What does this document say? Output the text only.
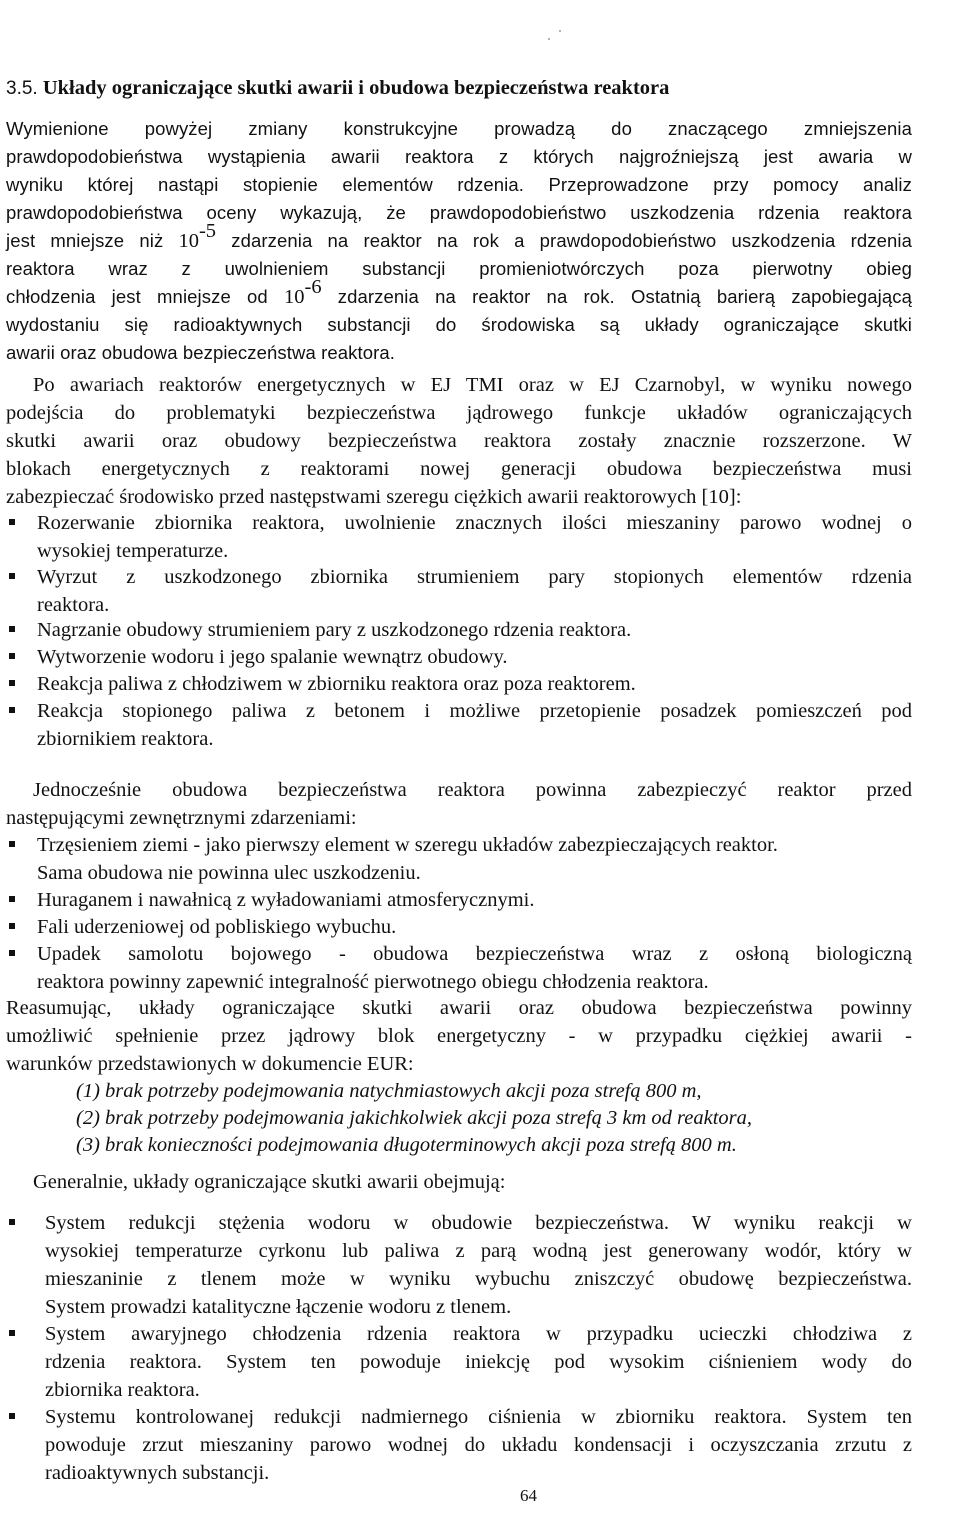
3.5. Układy ograniczające skutki awarii i obudowa bezpieczeństwa reaktora
Wymienione powyżej zmiany konstrukcyjne prowadzą do znaczącego zmniejszenia
prawdopodobieństwa wystąpienia awarii reaktora z których najgroźniejszą jest awaria w
wyniku której nastąpi stopienie elementów rdzenia. Przeprowadzone przy pomocy analiz
prawdopodobieństwa oceny wykazują, że prawdopodobieństwo uszkodzenia rdzenia reaktora
jest mniejsze niż $10^{-5}$ zdarzenia na reaktor na rok a prawdopodobieństwo uszkodzenia rdzenia
reaktora wraz z uwolnieniem substancji promieniotwórczych poza pierwotny obieg
chłodzenia jest mniejsze od $10^{-6}$ zdarzenia na reaktor na rok. Ostatnią barierą zapobiegającą
wydostaniu się radioaktywnych substancji do środowiska są układy ograniczające skutki
awarii oraz obudowa bezpieczeństwa reaktora.
Po awariach reaktorów energetycznych w EJ TMI oraz w EJ Czarnobyl, w wyniku nowego
podejścia do problematyki bezpieczeństwa jądrowego funkcje układów ograniczających
skutki awarii oraz obudowy bezpieczeństwa reaktora zostały znacznie rozszerzone. W
blokach energetycznych z reaktorami nowej generacji obudowa bezpieczeństwa musi
zabezpieczać środowisko przed następstwami szeregu ciężkich awarii reaktorowych [10]:
Rozerwanie zbiornika reaktora, uwolnienie znacznych ilości mieszaniny parowo wodnej o
wysokiej temperaturze.
Wyrzut z uszkodzonego zbiornika strumieniem pary stopionych elementów rdzenia
reaktora.
Nagrzanie obudowy strumieniem pary z uszkodzonego rdzenia reaktora.
Wytworzenie wodoru i jego spalanie wewnątrz obudowy.
Reakcja paliwa z chłodziwem w zbiorniku reaktora oraz poza reaktorem.
Reakcja stopionego paliwa z betonem i możliwe przetopienie posadzek pomieszczeń pod
zbiornikiem reaktora.
Jednocześnie obudowa bezpieczeństwa reaktora powinna zabezpieczyć reaktor przed
następującymi zewnętrznymi zdarzeniami:
Trzęsieniem ziemi - jako pierwszy element w szeregu układów zabezpieczających reaktor.
Sama obudowa nie powinna ulec uszkodzeniu.
Huraganem i nawałnicą z wyładowaniami atmosferycznymi.
Fali uderzeniowej od pobliskiego wybuchu.
Upadek samolotu bojowego - obudowa bezpieczeństwa wraz z osłoną biologiczną
reaktora powinny zapewnić integralność pierwotnego obiegu chłodzenia reaktora.
Reasumując, układy ograniczające skutki awarii oraz obudowa bezpieczeństwa powinny
umożliwić spełnienie przez jądrowy blok energetyczny - w przypadku ciężkiej awarii -
warunków przedstawionych w dokumencie EUR:
(1) brak potrzeby podejmowania natychmiastowych akcji poza strefą 800 m,
(2) brak potrzeby podejmowania jakichkolwiek akcji poza strefą 3 km od reaktora,
(3) brak konieczności podejmowania długoterminowych akcji poza strefą 800 m.
Generalnie, układy ograniczające skutki awarii obejmują:
System redukcji stężenia wodoru w obudowie bezpieczeństwa. W wyniku reakcji w
wysokiej temperaturze cyrkonu lub paliwa z parą wodną jest generowany wodór, który w
mieszaninie z tlenem może w wyniku wybuchu zniszczyć obudowę bezpieczeństwa.
System prowadzi katalityczne łączenie wodoru z tlenem.
System awaryjnego chłodzenia rdzenia reaktora w przypadku ucieczki chłodziwa z
rdzenia reaktora. System ten powoduje iniekcję pod wysokim ciśnieniem wody do
zbiornika reaktora.
Systemu kontrolowanej redukcji nadmiernego ciśnienia w zbiorniku reaktora. System ten
powoduje zrzut mieszaniny parowo wodnej do układu kondensacji i oczyszczania zrzutu z
radioaktywnych substancji.
64
